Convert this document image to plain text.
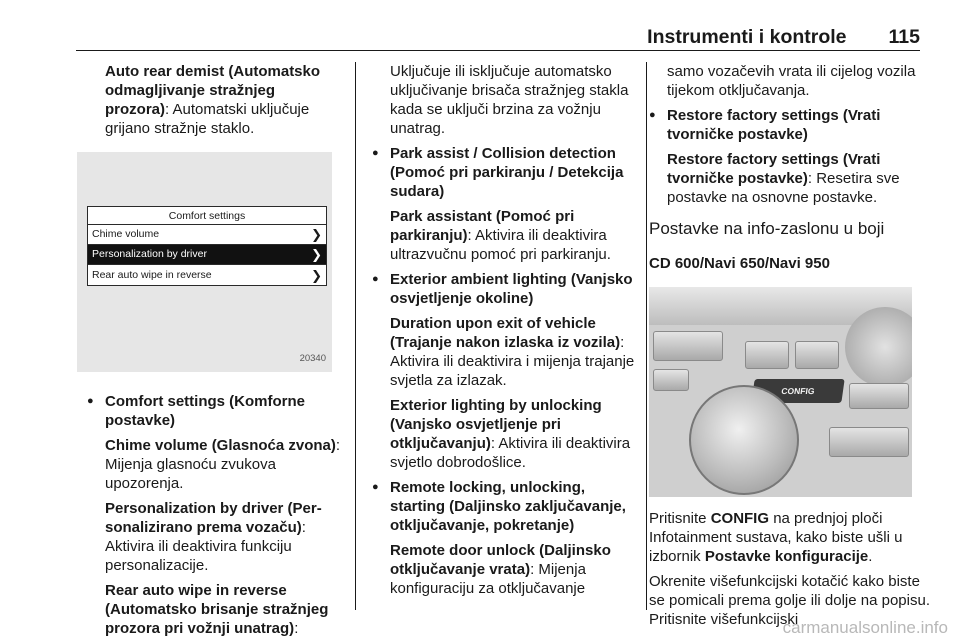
Instrumenti i kontrole 115

Auto rear demist (Automatsko odmagljivanje stražnjeg prozora): Automatski uključuje grijano stražnje staklo.

Comfort settings
Chime volume	❯
Personalization by driver	❯
Rear auto wipe in reverse	❯
20340
● Comfort settings (Komforne postavke)

Chime volume (Glasnoća zvona): Mijenja glasnoću zvukova upozorenja.

Personalization by driver (Per‐sonalizirano prema vozaču): Aktivira ili deaktivira funkciju personalizacije.

Rear auto wipe in reverse (Automatsko brisanje stražnjeg prozora pri vožnji unatrag):

Uključuje ili isključuje automatsko uključivanje brisača stražnjeg stakla kada se uključi brzina za vožnju unatrag.

● Park assist / Collision detection (Pomoć pri parkiranju / Detekcija sudara)

Park assistant (Pomoć pri parkiranju): Aktivira ili deaktivira ultrazvučnu pomoć pri parkiranju.

● Exterior ambient lighting (Vanjsko osvjetljenje okoline)

Duration upon exit of vehicle (Trajanje nakon izlaska iz vozila): Aktivira ili deaktivira i mijenja trajanje svjetla za izlazak.

Exterior lighting by unlocking (Vanjsko osvjetljenje pri otključavanju): Aktivira ili deaktivira svjetlo dobrodošlice.

● Remote locking, unlocking, starting (Daljinsko zaključavanje, otključavanje, pokretanje)

Remote door unlock (Daljinsko otključavanje vrata): Mijenja konfiguraciju za otključavanje

samo vozačevih vrata ili cijelog vozila tijekom otključavanja.

● Restore factory settings (Vrati tvorničke postavke)

Restore factory settings (Vrati tvorničke postavke): Resetira sve postavke na osnovne postavke.

Postavke na info-zaslonu u boji
CD 600/Navi 650/Navi 950
CONFIG

Pritisnite CONFIG na prednjoj ploči Infotainment sustava, kako biste ušli u izbornik Postavke konfiguracije.

Okrenite višefunkcijski kotačić kako biste se pomicali prema golje ili dolje na popisu. Pritisnite višefunkcijski

carmanualsonline.info
